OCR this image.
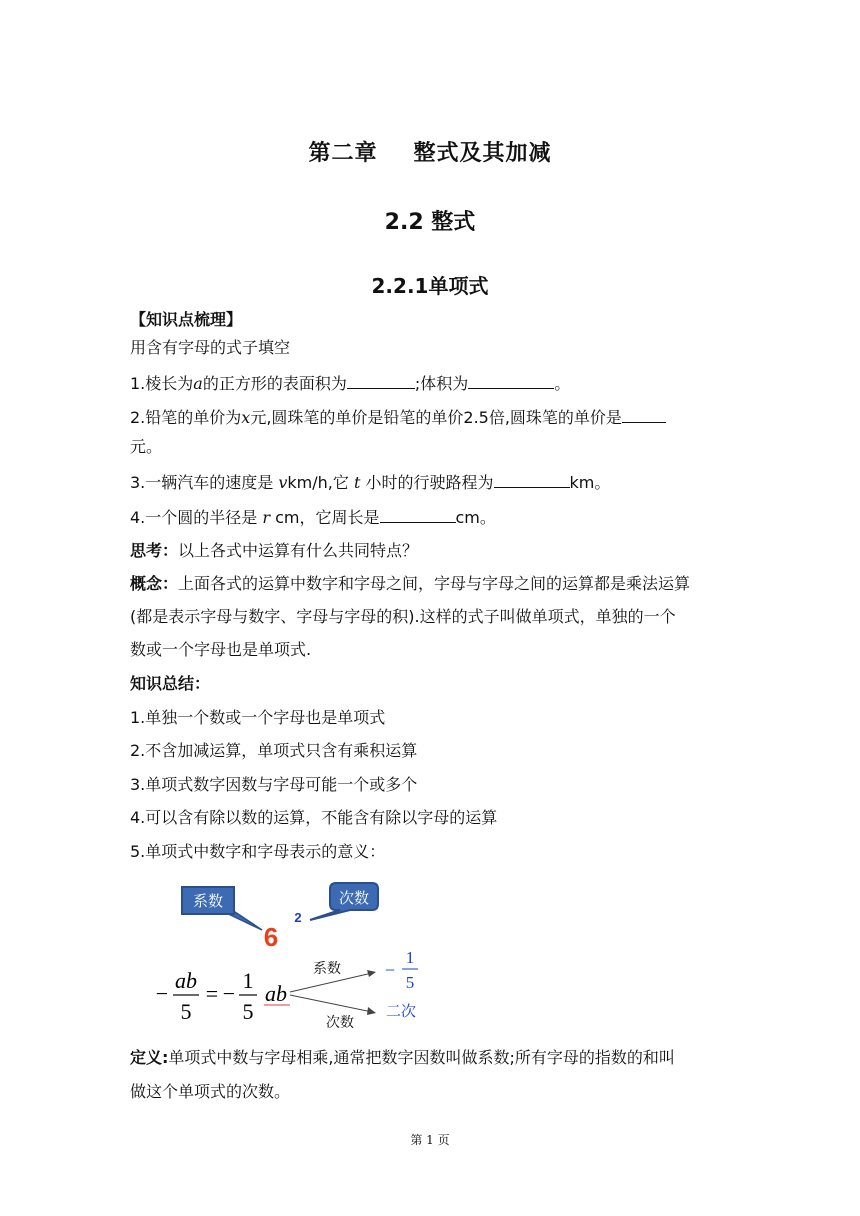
第二章 整式及其加减
2.2 整式
2.2.1单项式
【知识点梳理】
用含有字母的式子填空
1.棱长为a的正方形的表面积为	;体积为	。
2.铅笔的单价为x元,圆珠笔的单价是铅笔的单价2.5倍,圆珠笔的单价是
元。
3.一辆汽车的速度是 vkm/h,它 t 小时的行驶路程为	km。
4.一个圆的半径是 r cm，它周长是	cm。
思考：以上各式中运算有什么共同特点？
概念：上面各式的运算中数字和字母之间，字母与字母之间的运算都是乘法运算
(都是表示字母与数字、字母与字母的积).这样的式子叫做单项式，单独的一个
数或一个字母也是单项式.
知识总结：
1.单独一个数或一个字母也是单项式
2.不含加减运算，单项式只含有乘积运算
3.单项式数字因数与字母可能一个或多个
4.可以含有除以数的运算，不能含有除以字母的运算
5.单项式中数字和字母表示的意义：
系数	次数
6
2
−
ab
5
= −
1
5
ab
系数
次数
−
1
5
二次
定义:单项式中数与字母相乘,通常把数字因数叫做系数;所有字母的指数的和叫
做这个单项式的次数。
第 1 页
